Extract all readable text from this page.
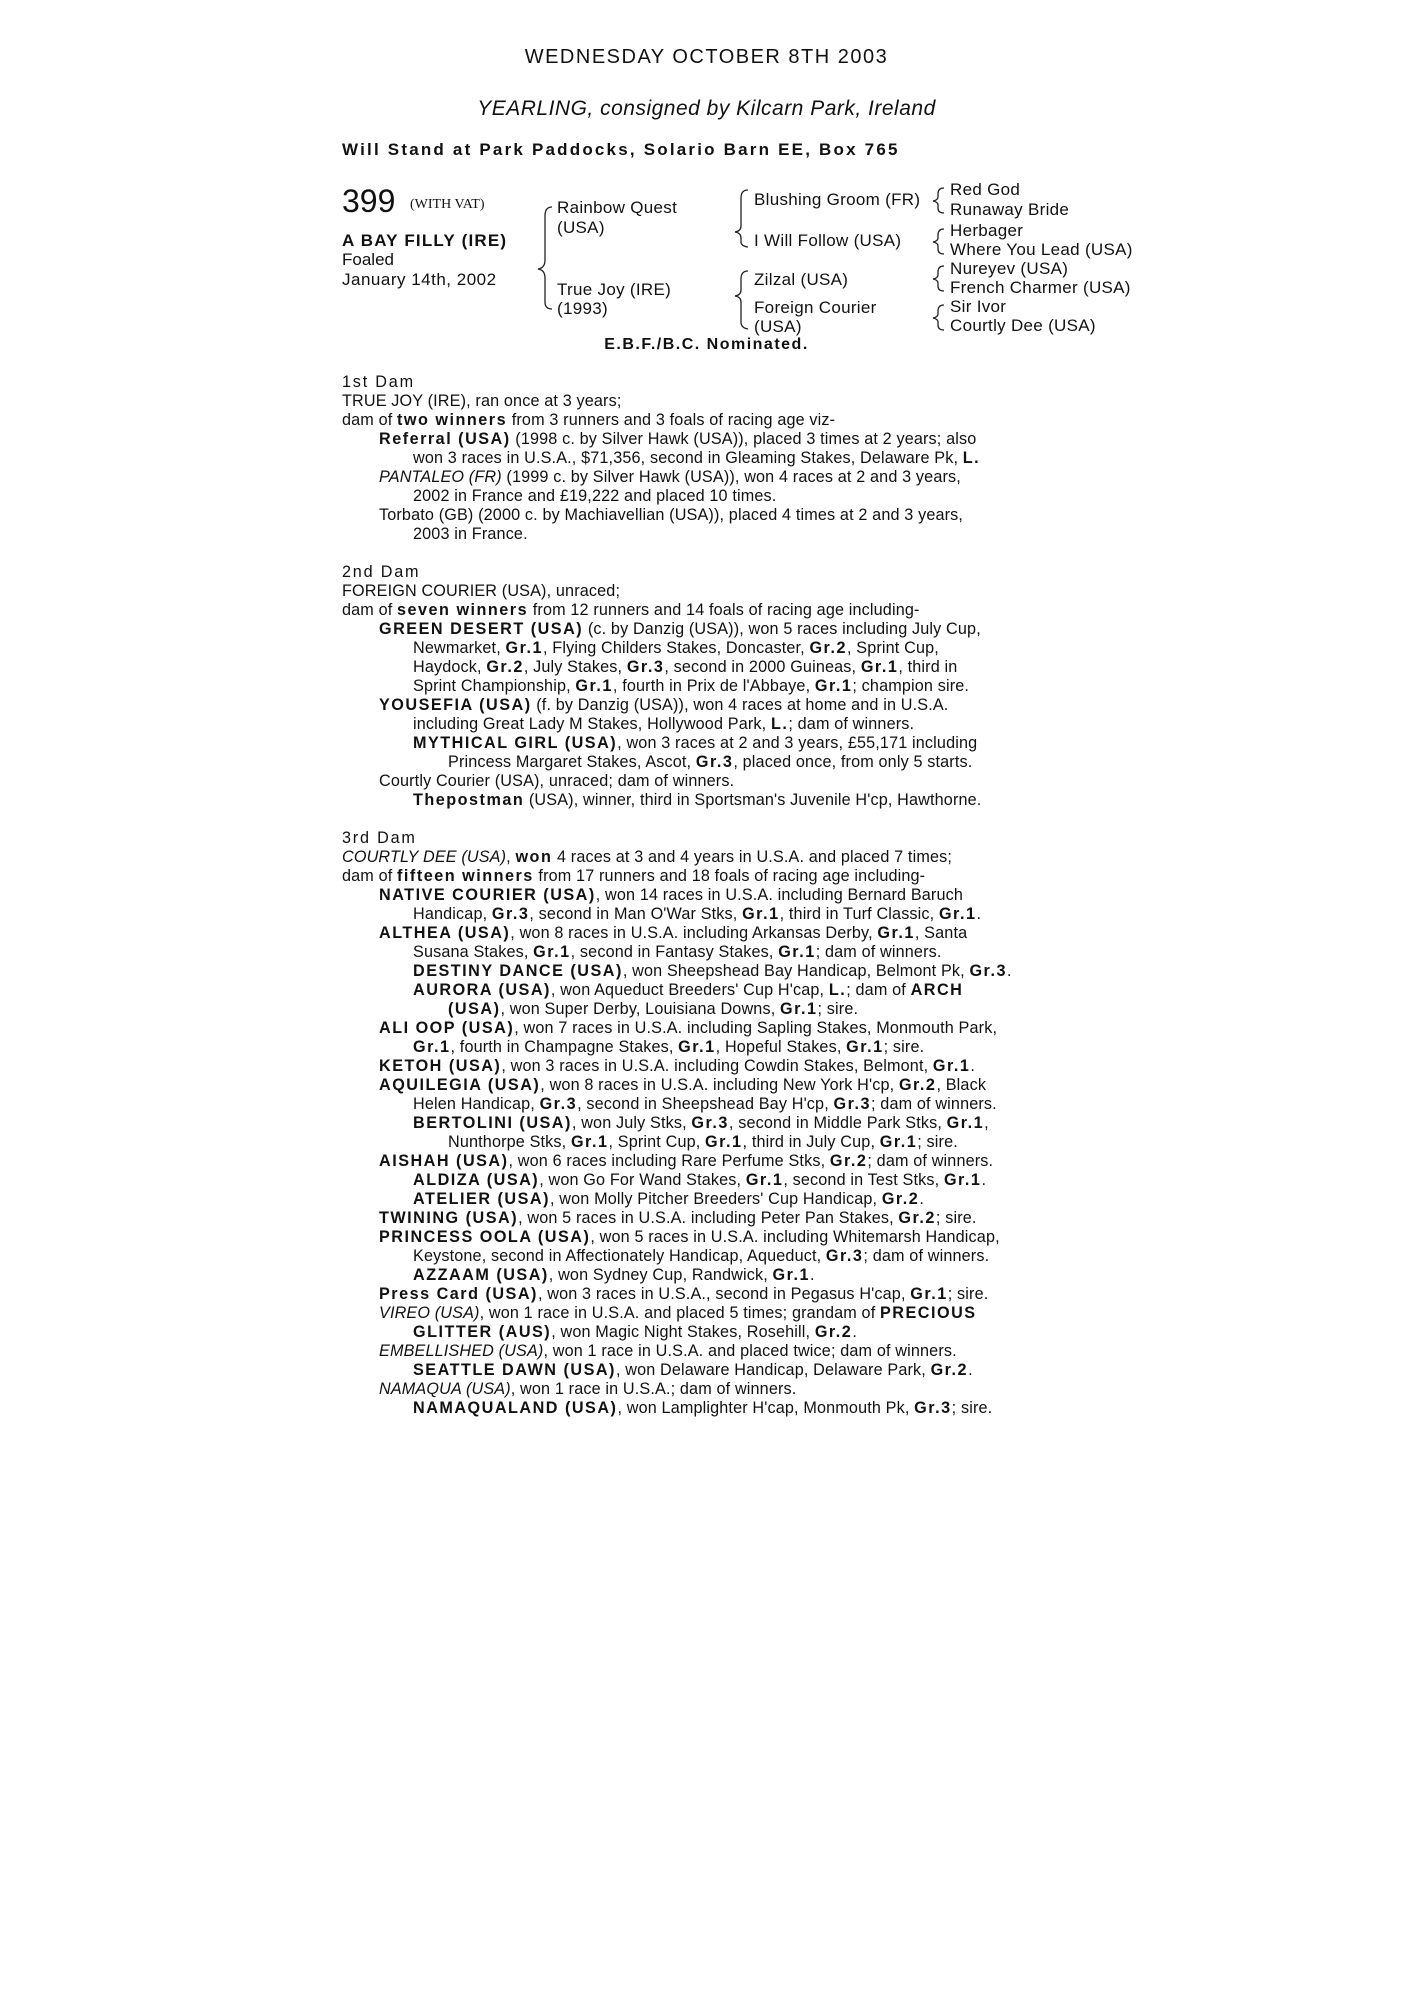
WEDNESDAY OCTOBER 8TH 2003
YEARLING, consigned by Kilcarn Park, Ireland
Will Stand at Park Paddocks, Solario Barn EE, Box 765
399 (WITH VAT)
A BAY FILLY (IRE)
Foaled
January 14th, 2002
Rainbow Quest
(USA)
True Joy (IRE)
(1993)
Blushing Groom (FR)
I Will Follow (USA)
Zilzal (USA)
Foreign Courier
(USA)
Red God
Runaway Bride
Herbager
Where You Lead (USA)
Nureyev (USA)
French Charmer (USA)
Sir Ivor
Courtly Dee (USA)
E.B.F./B.C. Nominated.
1st Dam
TRUE JOY (IRE), ran once at 3 years;
dam of two winners from 3 runners and 3 foals of racing age viz-
Referral (USA) (1998 c. by Silver Hawk (USA)), placed 3 times at 2 years; also
won 3 races in U.S.A., $71,356, second in Gleaming Stakes, Delaware Pk, L.
PANTALEO (FR) (1999 c. by Silver Hawk (USA)), won 4 races at 2 and 3 years,
2002 in France and £19,222 and placed 10 times.
Torbato (GB) (2000 c. by Machiavellian (USA)), placed 4 times at 2 and 3 years,
2003 in France.
2nd Dam
FOREIGN COURIER (USA), unraced;
dam of seven winners from 12 runners and 14 foals of racing age including-
GREEN DESERT (USA) (c. by Danzig (USA)), won 5 races including July Cup,
Newmarket, Gr.1, Flying Childers Stakes, Doncaster, Gr.2, Sprint Cup,
Haydock, Gr.2, July Stakes, Gr.3, second in 2000 Guineas, Gr.1, third in
Sprint Championship, Gr.1, fourth in Prix de l'Abbaye, Gr.1; champion sire.
YOUSEFIA (USA) (f. by Danzig (USA)), won 4 races at home and in U.S.A.
including Great Lady M Stakes, Hollywood Park, L.; dam of winners.
MYTHICAL GIRL (USA), won 3 races at 2 and 3 years, £55,171 including
Princess Margaret Stakes, Ascot, Gr.3, placed once, from only 5 starts.
Courtly Courier (USA), unraced; dam of winners.
Thepostman (USA), winner, third in Sportsman's Juvenile H'cp, Hawthorne.
3rd Dam
COURTLY DEE (USA), won 4 races at 3 and 4 years in U.S.A. and placed 7 times;
dam of fifteen winners from 17 runners and 18 foals of racing age including-
NATIVE COURIER (USA), won 14 races in U.S.A. including Bernard Baruch
Handicap, Gr.3, second in Man O'War Stks, Gr.1, third in Turf Classic, Gr.1.
ALTHEA (USA), won 8 races in U.S.A. including Arkansas Derby, Gr.1, Santa
Susana Stakes, Gr.1, second in Fantasy Stakes, Gr.1; dam of winners.
DESTINY DANCE (USA), won Sheepshead Bay Handicap, Belmont Pk, Gr.3.
AURORA (USA), won Aqueduct Breeders' Cup H'cap, L.; dam of ARCH
(USA), won Super Derby, Louisiana Downs, Gr.1; sire.
ALI OOP (USA), won 7 races in U.S.A. including Sapling Stakes, Monmouth Park,
Gr.1, fourth in Champagne Stakes, Gr.1, Hopeful Stakes, Gr.1; sire.
KETOH (USA), won 3 races in U.S.A. including Cowdin Stakes, Belmont, Gr.1.
AQUILEGIA (USA), won 8 races in U.S.A. including New York H'cp, Gr.2, Black
Helen Handicap, Gr.3, second in Sheepshead Bay H'cp, Gr.3; dam of winners.
BERTOLINI (USA), won July Stks, Gr.3, second in Middle Park Stks, Gr.1,
Nunthorpe Stks, Gr.1, Sprint Cup, Gr.1, third in July Cup, Gr.1; sire.
AISHAH (USA), won 6 races including Rare Perfume Stks, Gr.2; dam of winners.
ALDIZA (USA), won Go For Wand Stakes, Gr.1, second in Test Stks, Gr.1.
ATELIER (USA), won Molly Pitcher Breeders' Cup Handicap, Gr.2.
TWINING (USA), won 5 races in U.S.A. including Peter Pan Stakes, Gr.2; sire.
PRINCESS OOLA (USA), won 5 races in U.S.A. including Whitemarsh Handicap,
Keystone, second in Affectionately Handicap, Aqueduct, Gr.3; dam of winners.
AZZAAM (USA), won Sydney Cup, Randwick, Gr.1.
Press Card (USA), won 3 races in U.S.A., second in Pegasus H'cap, Gr.1; sire.
VIREO (USA), won 1 race in U.S.A. and placed 5 times; grandam of PRECIOUS
GLITTER (AUS), won Magic Night Stakes, Rosehill, Gr.2.
EMBELLISHED (USA), won 1 race in U.S.A. and placed twice; dam of winners.
SEATTLE DAWN (USA), won Delaware Handicap, Delaware Park, Gr.2.
NAMAQUA (USA), won 1 race in U.S.A.; dam of winners.
NAMAQUALAND (USA), won Lamplighter H'cap, Monmouth Pk, Gr.3; sire.
